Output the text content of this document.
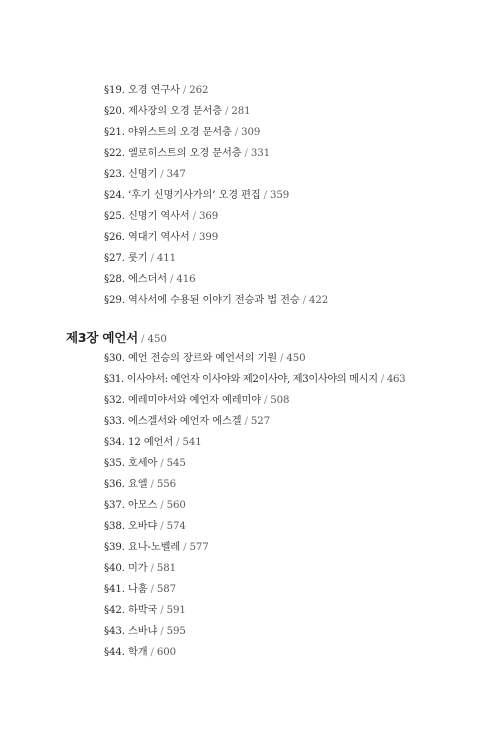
§19. 오경 연구사 / 262
§20. 제사장의 오경 문서층 / 281
§21. 야위스트의 오경 문서층 / 309
§22. 엘로히스트의 오경 문서층 / 331
§23. 신명기 / 347
§24. ‘후기 신명기사가의’ 오경 편집 / 359
§25. 신명기 역사서 / 369
§26. 역대기 역사서 / 399
§27. 룻기 / 411
§28. 에스더서 / 416
§29. 역사서에 수용된 이야기 전승과 법 전승 / 422
제3장 예언서 / 450
§30. 예언 전승의 장르와 예언서의 기원 / 450
§31. 이사야서: 예언자 이사야와 제2이사야, 제3이사야의 메시지 / 463
§32. 예레미야서와 예언자 예레미야 / 508
§33. 에스겔서와 예언자 에스겔 / 527
§34. 12 예언서 / 541
§35. 호세아 / 545
§36. 요엘 / 556
§37. 아모스 / 560
§38. 오바댜 / 574
§39. 요나-노벨레 / 577
§40. 미가 / 581
§41. 나훔 / 587
§42. 하박국 / 591
§43. 스바냐 / 595
§44. 학개 / 600
